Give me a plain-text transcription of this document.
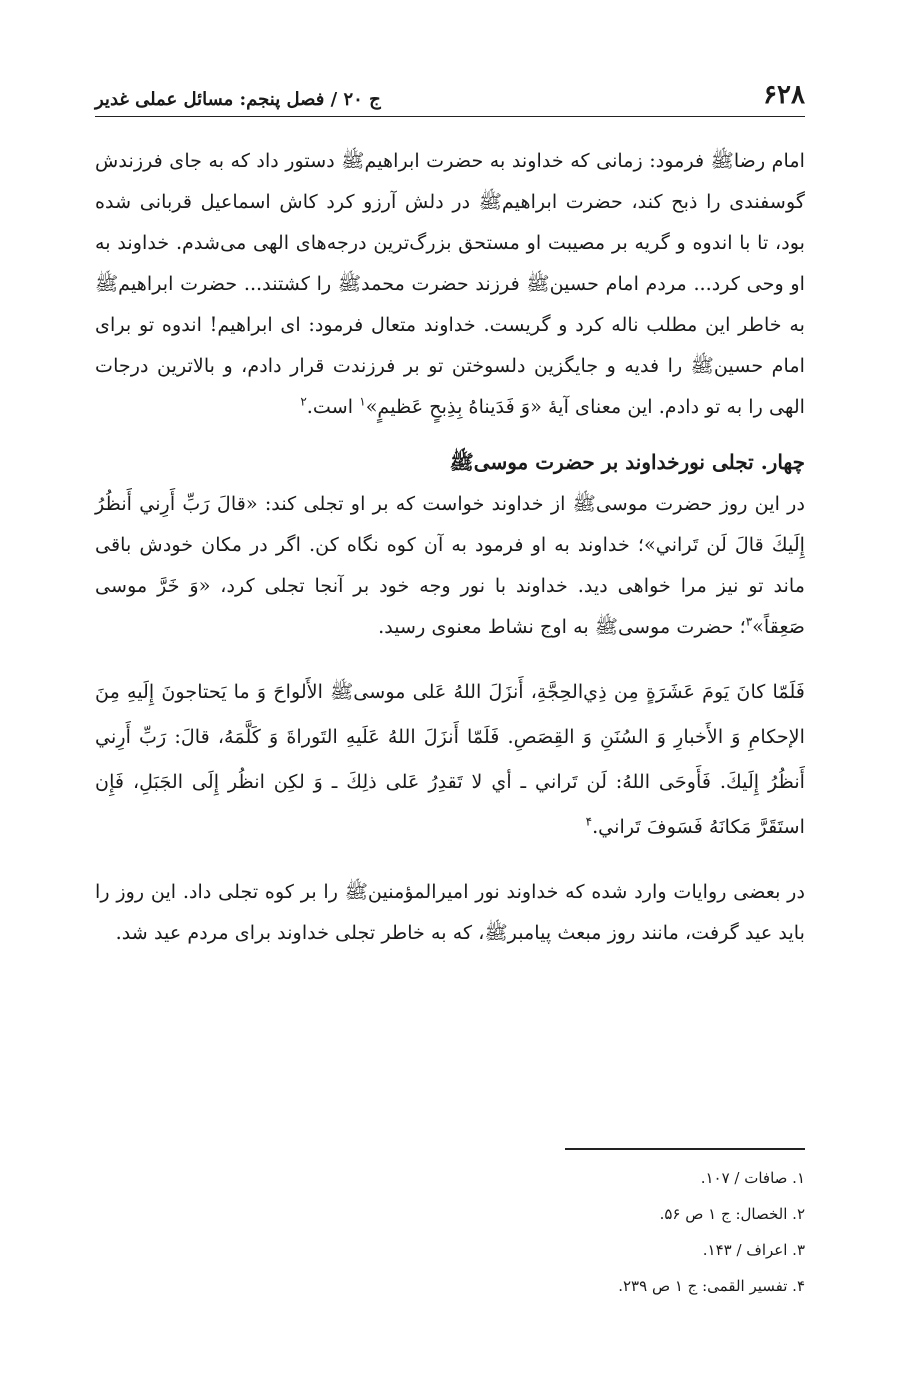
۶۲۸
ج ۲۰ / فصل پنجم: مسائل عملی غدیر

امام رضاﷺ فرمود: زمانی که خداوند به حضرت ابراهیمﷺ دستور داد که به جای فرزندش گوسفندی را ذبح کند، حضرت ابراهیمﷺ در دلش آرزو کرد کاش اسماعیل قربانی شده بود، تا با اندوه و گریه بر مصیبت او مستحق بزرگ‌ترین درجه‌های الهی می‌شدم. خداوند به او وحی کرد... مردم امام حسینﷺ فرزند حضرت محمدﷺ را کشتند... حضرت ابراهیمﷺ به خاطر این مطلب ناله کرد و گریست. خداوند متعال فرمود: ای ابراهیم! اندوه تو برای امام حسینﷺ را فدیه و جایگزین دلسوختن تو بر فرزندت قرار دادم، و بالاترین درجات الهی را به تو دادم. این معنای آیهٔ «وَ فَدَيناهُ بِذِبحٍ عَظيمٍ»$^۱$ است.$^۲$

چهار. تجلی نورخداوند بر حضرت موسیﷺ

در این روز حضرت موسیﷺ از خداوند خواست که بر او تجلی کند: «قالَ رَبِّ أَرِني أَنظُرُ إِلَيكَ قالَ لَن تَراني»؛ خداوند به او فرمود به آن کوه نگاه کن. اگر در مکان خودش باقی ماند تو نیز مرا خواهی دید. خداوند با نور وجه خود بر آنجا تجلی کرد، «وَ خَرَّ موسى صَعِقاً»$^۳$؛ حضرت موسیﷺ به اوج نشاط معنوی رسید.

فَلَمّا كانَ يَومَ عَشَرَةٍ مِن ذِي‌الحِجَّةِ، أَنزَلَ اللهُ عَلى موسىﷺ الأَلواحَ وَ ما يَحتاجونَ إِلَيهِ مِنَ الإحكامِ وَ الأَخبارِ وَ السُنَنِ وَ القِصَصِ. فَلَمّا أَنزَلَ اللهُ عَلَيهِ التَوراةَ وَ كَلَّمَهُ، قالَ: رَبِّ أَرِني أَنظُرُ إِلَيكَ. فَأَوحَى اللهُ: لَن تَراني ـ أي لا تَقدِرُ عَلى ذلِكَ ـ وَ لكِن انظُر إِلَى الجَبَلِ، فَإِن استَقَرَّ مَكانَهُ فَسَوفَ تَراني.$^۴$

در بعضی روایات وارد شده که خداوند نور امیرالمؤمنینﷺ را بر کوه تجلی داد. این روز را باید عید گرفت، مانند روز مبعث پیامبرﷺ، که به خاطر تجلی خداوند برای مردم عید شد.

۱. صافات / ۱۰۷.
۲. الخصال: ج ۱ ص ۵۶.
۳. اعراف / ۱۴۳.
۴. تفسیر القمی: ج ۱ ص ۲۳۹.
